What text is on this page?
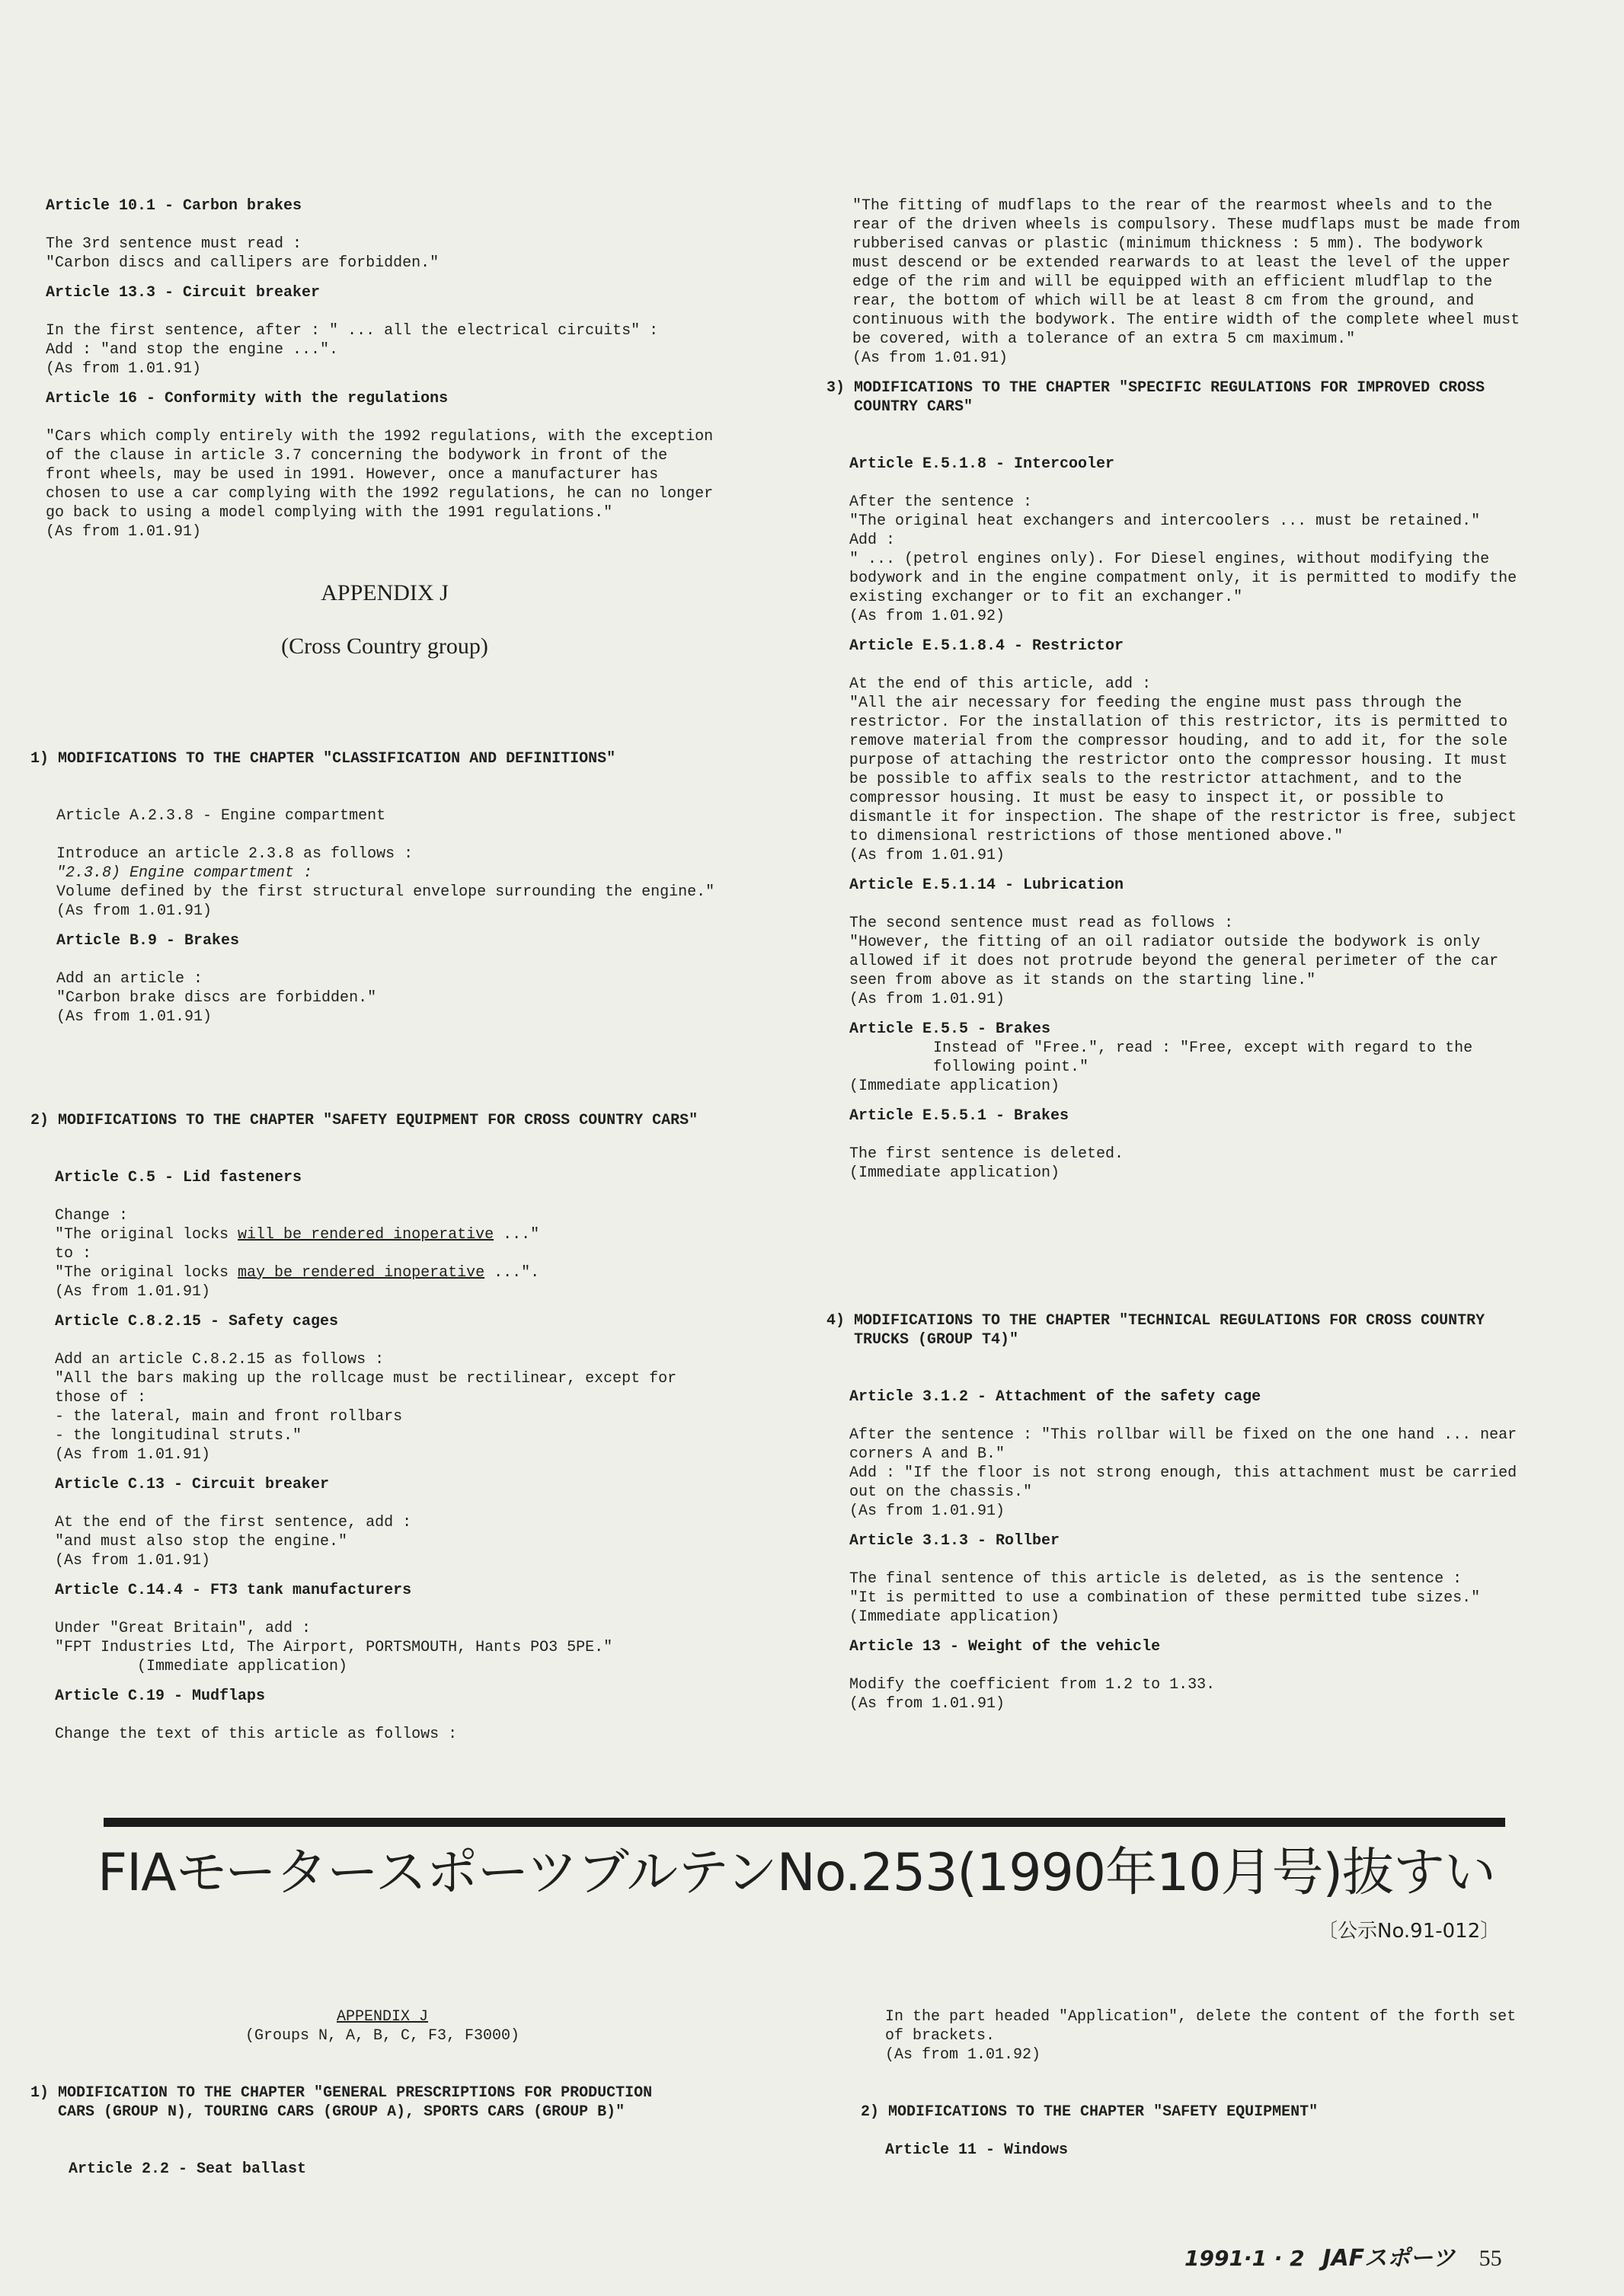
Article 10.1 - Carbon brakes

The 3rd sentence must read :
"Carbon discs and callipers are forbidden."

Article 13.3 - Circuit breaker

In the first sentence, after : " ... all the electrical circuits" :
Add : "and stop the engine ...".
(As from 1.01.91)

Article 16 - Conformity with the regulations

"Cars which comply entirely with the 1992 regulations, with the exception
of the clause in article 3.7 concerning the bodywork in front of the
front wheels, may be used in 1991. However, once a manufacturer has
chosen to use a car complying with the 1992 regulations, he can no longer
go back to using a model complying with the 1991 regulations."
(As from 1.01.91)

APPENDIX J
(Cross Country group)

1) MODIFICATIONS TO THE CHAPTER "CLASSIFICATION AND DEFINITIONS"

Article A.2.3.8 - Engine compartment

Introduce an article 2.3.8 as follows :

"2.3.8) Engine compartment :

Volume defined by the first structural envelope surrounding the engine."
(As from 1.01.91)

Article B.9 - Brakes

Add an article :
"Carbon brake discs are forbidden."
(As from 1.01.91)

2) MODIFICATIONS TO THE CHAPTER "SAFETY EQUIPMENT FOR CROSS COUNTRY CARS"

Article C.5 - Lid fasteners

Change :

"The original locks will be rendered inoperative ..."

to :

"The original locks may be rendered inoperative ...".

(As from 1.01.91)

Article C.8.2.15 - Safety cages

Add an article C.8.2.15 as follows :
"All the bars making up the rollcage must be rectilinear, except for
those of :
- the lateral, main and front rollbars
- the longitudinal struts."
(As from 1.01.91)

Article C.13 - Circuit breaker

At the end of the first sentence, add :
"and must also stop the engine."
(As from 1.01.91)

Article C.14.4 - FT3 tank manufacturers

Under "Great Britain", add :
"FPT Industries Ltd, The Airport, PORTSMOUTH, Hants PO3 5PE."

(Immediate application)

Article C.19 - Mudflaps

Change the text of this article as follows :

"The fitting of mudflaps to the rear of the rearmost wheels and to the
rear of the driven wheels is compulsory. These mudflaps must be made from
rubberised canvas or plastic (minimum thickness : 5 mm). The bodywork
must descend or be extended rearwards to at least the level of the upper
edge of the rim and will be equipped with an efficient mludflap to the
rear, the bottom of which will be at least 8 cm from the ground, and
continuous with the bodywork. The entire width of the complete wheel must
be covered, with a tolerance of an extra 5 cm maximum."
(As from 1.01.91)

3) MODIFICATIONS TO THE CHAPTER "SPECIFIC REGULATIONS FOR IMPROVED CROSS
COUNTRY CARS"

Article E.5.1.8 - Intercooler

After the sentence :
"The original heat exchangers and intercoolers ... must be retained."
Add :
" ... (petrol engines only). For Diesel engines, without modifying the
bodywork and in the engine compatment only, it is permitted to modify the
existing exchanger or to fit an exchanger."
(As from 1.01.92)

Article E.5.1.8.4 - Restrictor

At the end of this article, add :
"All the air necessary for feeding the engine must pass through the
restrictor. For the installation of this restrictor, its is permitted to
remove material from the compressor houding, and to add it, for the sole
purpose of attaching the restrictor onto the compressor housing. It must
be possible to affix seals to the restrictor attachment, and to the
compressor housing. It must be easy to inspect it, or possible to
dismantle it for inspection. The shape of the restrictor is free, subject
to dimensional restrictions of those mentioned above."
(As from 1.01.91)

Article E.5.1.14 - Lubrication

The second sentence must read as follows :
"However, the fitting of an oil radiator outside the bodywork is only
allowed if it does not protrude beyond the general perimeter of the car
seen from above as it stands on the starting line."
(As from 1.01.91)

Article E.5.5 - Brakes

Instead of "Free.", read : "Free, except with regard to the
following point."

(Immediate application)

Article E.5.5.1 - Brakes

The first sentence is deleted.
(Immediate application)

4) MODIFICATIONS TO THE CHAPTER "TECHNICAL REGULATIONS FOR CROSS COUNTRY
TRUCKS (GROUP T4)"

Article 3.1.2 - Attachment of the safety cage

After the sentence : "This rollbar will be fixed on the one hand ... near
corners A and B."
Add : "If the floor is not strong enough, this attachment must be carried
out on the chassis."
(As from 1.01.91)

Article 3.1.3 - Rollber

The final sentence of this article is deleted, as is the sentence :
"It is permitted to use a combination of these permitted tube sizes."
(Immediate application)

Article 13 - Weight of the vehicle

Modify the coefficient from 1.2 to 1.33.
(As from 1.01.91)

FIAモータースポーツブルテンNo.253(1990年10月号)抜すい
〔公示No.91-012〕

APPENDIX J

(Groups N, A, B, C, F3, F3000)

1) MODIFICATION TO THE CHAPTER "GENERAL PRESCRIPTIONS FOR PRODUCTION
CARS (GROUP N), TOURING CARS (GROUP A), SPORTS CARS (GROUP B)"

Article 2.2 - Seat ballast

In the part headed "Application", delete the content of the forth set
of brackets.
(As from 1.01.92)

2) MODIFICATIONS TO THE CHAPTER "SAFETY EQUIPMENT"

Article 11 - Windows

1991·1 · 2 JAFスポーツ 55
